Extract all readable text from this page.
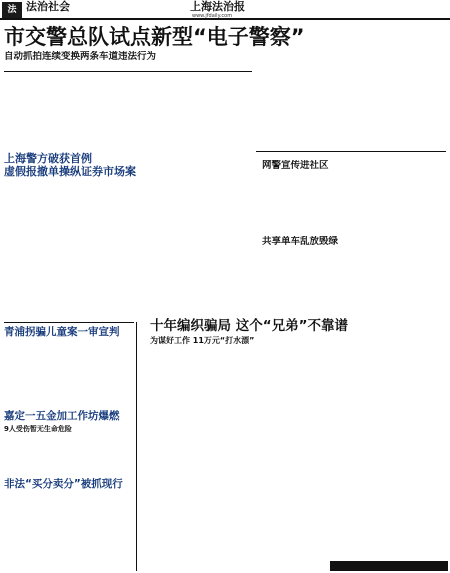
法 法治社会	上海法治报
www.jfdaily.com
市交警总队试点新型“电子警察”
自动抓拍连续变换两条车道违法行为
上海警方破获首例
虚假报撤单操纵证券市场案	网警宣传进社区
共享单车乱放毁绿
青浦拐骗儿童案一审宣判
嘉定一五金加工作坊爆燃
9人受伤暂无生命危险
非法“买分卖分”被抓现行
十年编织骗局 这个“兄弟”不靠谱
为谋好工作 11万元“打水漂”
